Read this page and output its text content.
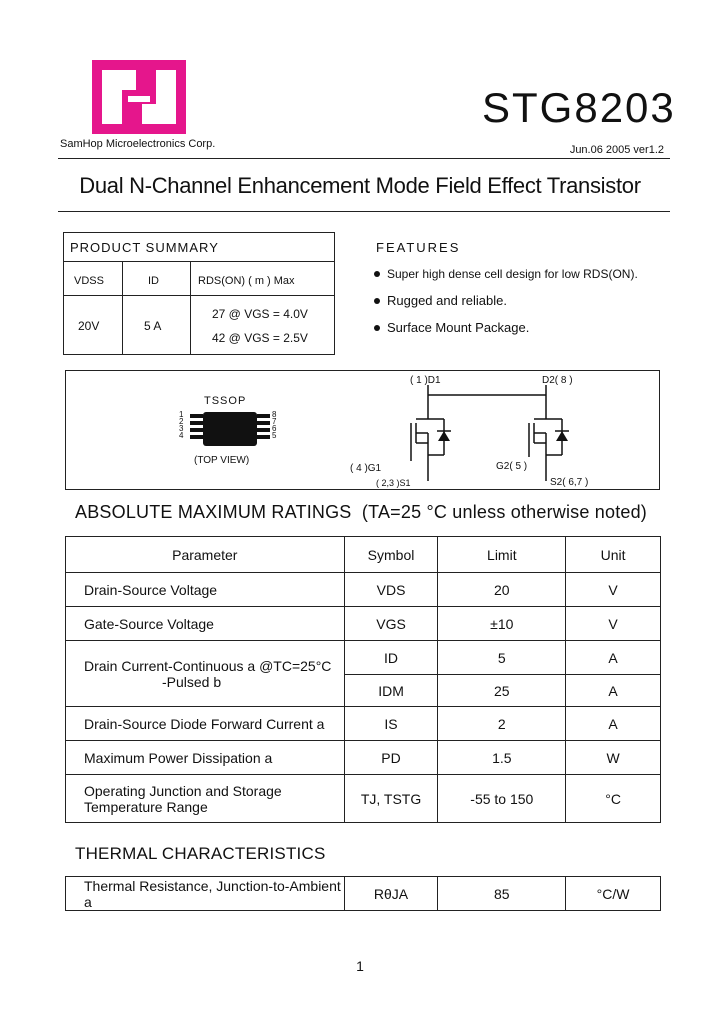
SamHop Microelectronics Corp.
STG8203
Jun.06 2005 ver1.2
Dual N-Channel Enhancement Mode Field Effect Transistor
PRODUCT SUMMARY
VDSS	ID	RDS(ON) ( m ) Max
20V	5 A
27 @ VGS = 4.0V
42 @ VGS = 2.5V
FEATURES
Super high dense cell design for low RDS(ON).
Rugged and reliable.
Surface Mount Package.
TSSOP
1
2
3
4
8
7
6
5
(TOP VIEW)
( 1 )D1
( 4 )G1
( 2,3 )S1
D2( 8 )
G2( 5 )
S2( 6,7 )
ABSOLUTE MAXIMUM RATINGS (TA=25 °C unless otherwise noted)
Parameter	Symbol	Limit	Unit
Drain-Source Voltage	VDS	20	V
Gate-Source Voltage	VGS	±10	V

Drain Current-Continuous a @TC=25°C
-Pulsed b	ID	5	A
	IDM	25	A
Drain-Source Diode Forward Current a	IS	2	A
Maximum Power Dissipation a	PD	1.5	W

Operating Junction and Storage
Temperature Range	TJ, TSTG	-55 to 150	°C
THERMAL CHARACTERISTICS
Thermal Resistance, Junction-to-Ambient a	RθJA	85	°C/W
1
